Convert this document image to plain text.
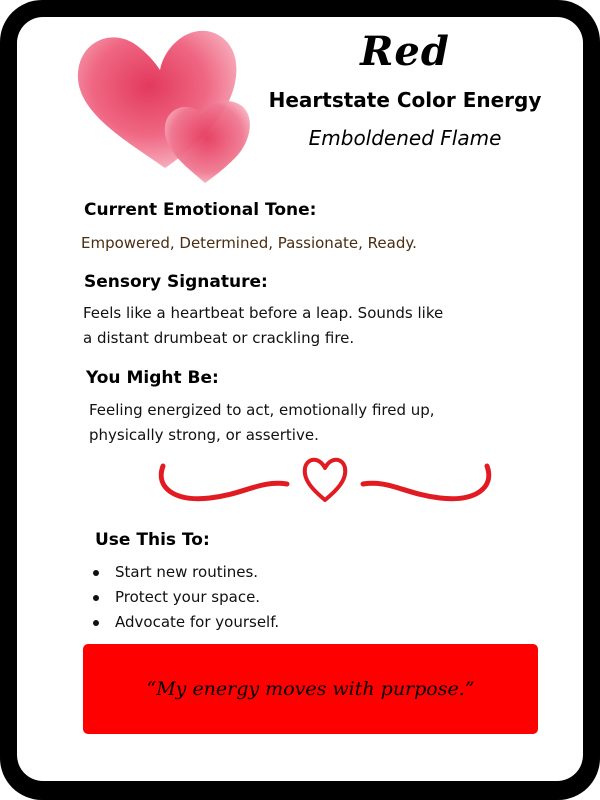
Red
Heartstate Color Energy
Emboldened Flame
Current Emotional Tone:
Empowered, Determined, Passionate, Ready.
Sensory Signature:
Feels like a heartbeat before a leap. Sounds like
a distant drumbeat or crackling fire.
You Might Be:
Feeling energized to act, emotionally fired up,
physically strong, or assertive.
Use This To:
Start new routines.
Protect your space.
Advocate for yourself.
“My energy moves with purpose.”
